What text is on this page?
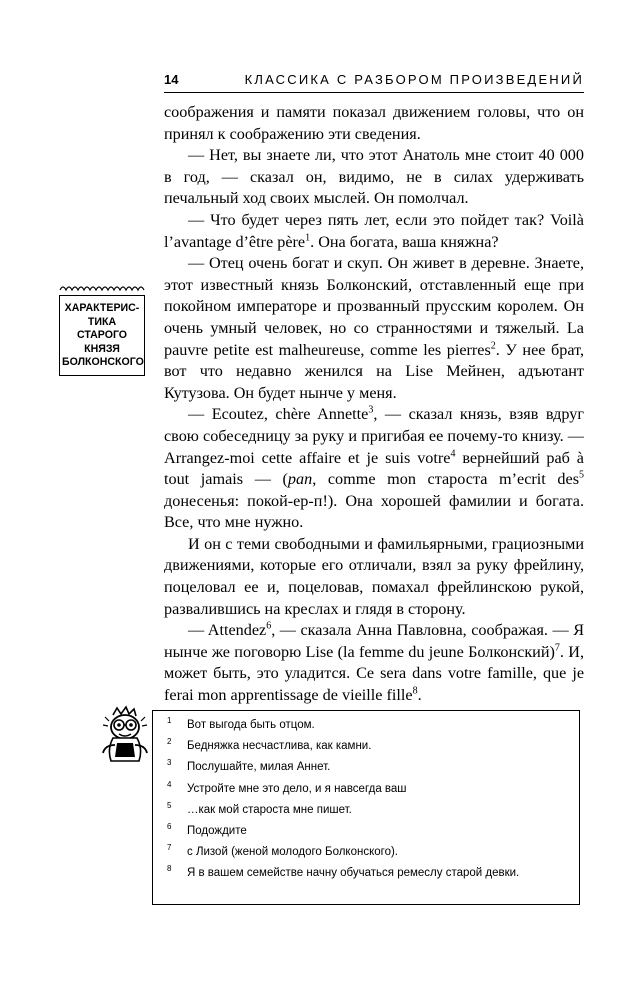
14	КЛАССИКА С РАЗБОРОМ ПРОИЗВЕДЕНИЙ

соображения и памяти показал движением головы, что он принял к соображению эти сведения.

— Нет, вы знаете ли, что этот Анатоль мне стоит 40 000 в год, — сказал он, видимо, не в силах удерживать печальный ход своих мыслей. Он помолчал.

— Что будет через пять лет, если это пойдет так? Voilà l’avantage d’être père$^1$. Она богата, ваша княжна?

— Отец очень богат и скуп. Он живет в деревне. Знаете, этот известный князь Болконский, отставленный еще при покойном императоре и прозванный прусским королем. Он очень умный человек, но со странностями и тяжелый. La pauvre petite est malheureuse, comme les pierres$^2$. У нее брат, вот что недавно женился на Lise Мейнен, адъютант Кутузова. Он будет нынче у меня.

— Ecoutez, chère Annette$^3$, — сказал князь, взяв вдруг свою собеседницу за руку и пригибая ее почему-то книзу. — Arrangez-moi cette affaire et je suis votre$^4$ вернейший раб à tout jamais — (pan, comme mon староста m’ecrit des$^5$ донесенья: покой-ер-п!). Она хорошей фамилии и богата. Все, что мне нужно.

И он с теми свободными и фамильярными, грациозными движениями, которые его отличали, взял за руку фрейлину, поцеловал ее и, поцеловав, помахал фрейлинскою рукой, развалившись на креслах и глядя в сторону.

— Attendez$^6$, — сказала Анна Павловна, соображая. — Я нынче же поговорю Lise (la femme du jeune Болконский)$^7$. И, может быть, это уладится. Ce sera dans votre famille, que je ferai mon apprentissage de vieille fille$^8$.

ХАРАКТЕРИС-
ТИКА СТАРОГО
КНЯЗЯ
БОЛКОНСКОГО
1 Вот выгода быть отцом.
2 Бедняжка несчастлива, как камни.
3 Послушайте, милая Аннет.
4 Устройте мне это дело, и я навсегда ваш
5 …как мой староста мне пишет.
6 Подождите
7 с Лизой (женой молодого Болконского).
8 Я в вашем семействе начну обучаться ремеслу старой девки.
